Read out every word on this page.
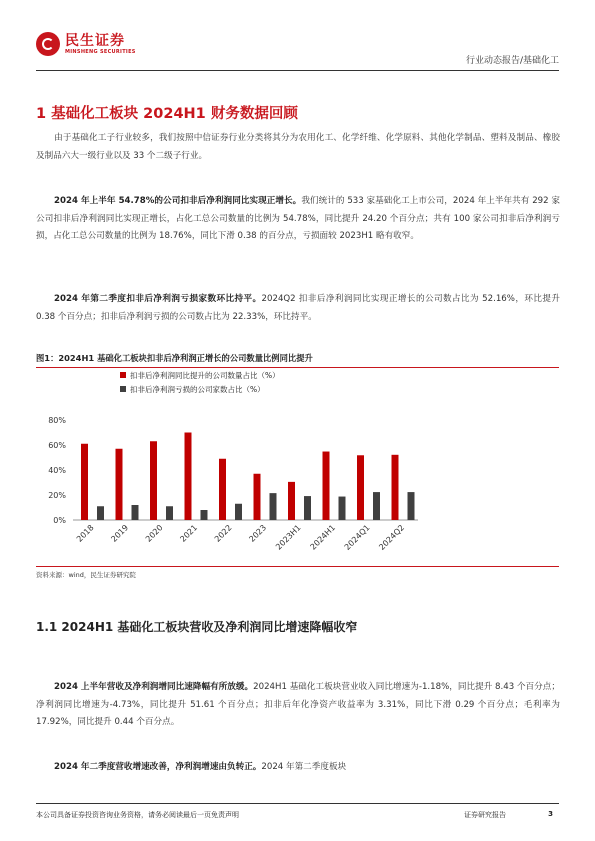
民生证券
MINSHENG SECURITIES
行业动态报告/基础化工
1 基础化工板块 2024H1 财务数据回顾
由于基础化工子行业较多，我们按照中信证券行业分类将其分为农用化工、化学纤维、化学原料、其他化学制品、塑料及制品、橡胶及制品六大一级行业以及 33 个二级子行业。
2024 年上半年 54.78%的公司扣非后净利润同比实现正增长。我们统计的 533 家基础化工上市公司，2024 年上半年共有 292 家公司扣非后净利润同比实现正增长，占化工总公司数量的比例为 54.78%，同比提升 24.20 个百分点；共有 100 家公司扣非后净利润亏损，占化工总公司数量的比例为 18.76%，同比下滑 0.38 的百分点，亏损面较 2023H1 略有收窄。
2024 年第二季度扣非后净利润亏损家数环比持平。2024Q2 扣非后净利润同比实现正增长的公司数占比为 52.16%，环比提升 0.38 个百分点；扣非后净利润亏损的公司数占比为 22.33%，环比持平。
图1：2024H1 基础化工板块扣非后净利润正增长的公司数量比例同比提升
扣非后净利润同比提升的公司数量占比（%）
扣非后净利润亏损的公司家数占比（%）
0%
20%
40%
60%
80%
2018 2019 2020 2021 2022 2023 2023H1 2024H1 2024Q1 2024Q2
资料来源：wind，民生证券研究院
1.1 2024H1 基础化工板块营收及净利润同比增速降幅收窄
2024 上半年营收及净利润增同比速降幅有所放缓。2024H1 基础化工板块营业收入同比增速为-1.18%，同比提升 8.43 个百分点；净利润同比增速为-4.73%，同比提升 51.61 个百分点；扣非后年化净资产收益率为 3.31%，同比下滑 0.29 个百分点；毛利率为 17.92%，同比提升 0.44 个百分点。
2024 年二季度营收增速改善，净利润增速由负转正。2024 年第二季度板块
本公司具备证券投资咨询业务资格，请务必阅读最后一页免责声明	证券研究报告	3
